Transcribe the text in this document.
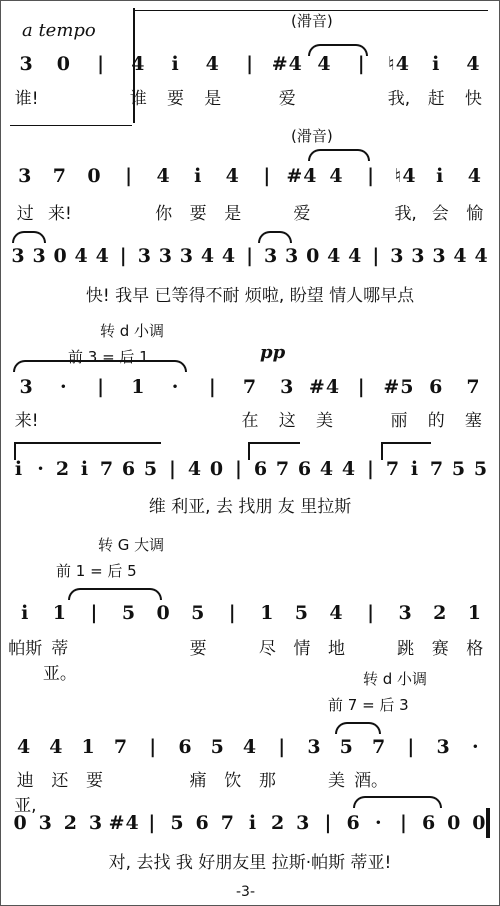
a tempo	(滑音)
3	0	|	4	i	4	| #4 4	|	♮4	i	4
谁!	谁	要	是	爱	我,	赶	快
(滑音)
3	7	0	|	4	i	4	| #4 4	|	♮4	i	4
过 来!	你	要	是	爱	我, 会	愉
3 3 0 4 4 | 3 3 3 4 4 | 3 3 0 4 4 | 3 3 3 4 4
快! 我早 已等得不耐 烦啦, 盼望 情人哪早点
转 d 小调
前 3 = 后 1	pp
3	·	|	1	·	|	7	3 #4 | #5 6	7
来!	在	这	美	丽	的	塞
i · 2 i 7 6 5 | 4 0 | 6 7 6 4 4 | 7 i 7 5 5
维 利亚, 去 找朋 友 里拉斯
转 G 大调
前 1 = 后 5
i	1	|	5	0	5	|	1	5	4	|	3	2	1
帕斯 蒂亚。
要	尽	情	地	跳	赛	格
转 d 小调
前 7 = 后 3
4 4 1 7	|	6 5 4	|	3 5 7	|	3	·
迪亚,
还	要	痛	饮	那	美 酒。
0 3 2 3 #4 | 5 6 7 i 2 3 | 6 · | 6 0 0
对, 去找 我 好朋友里 拉斯·帕斯 蒂亚!
-3-
